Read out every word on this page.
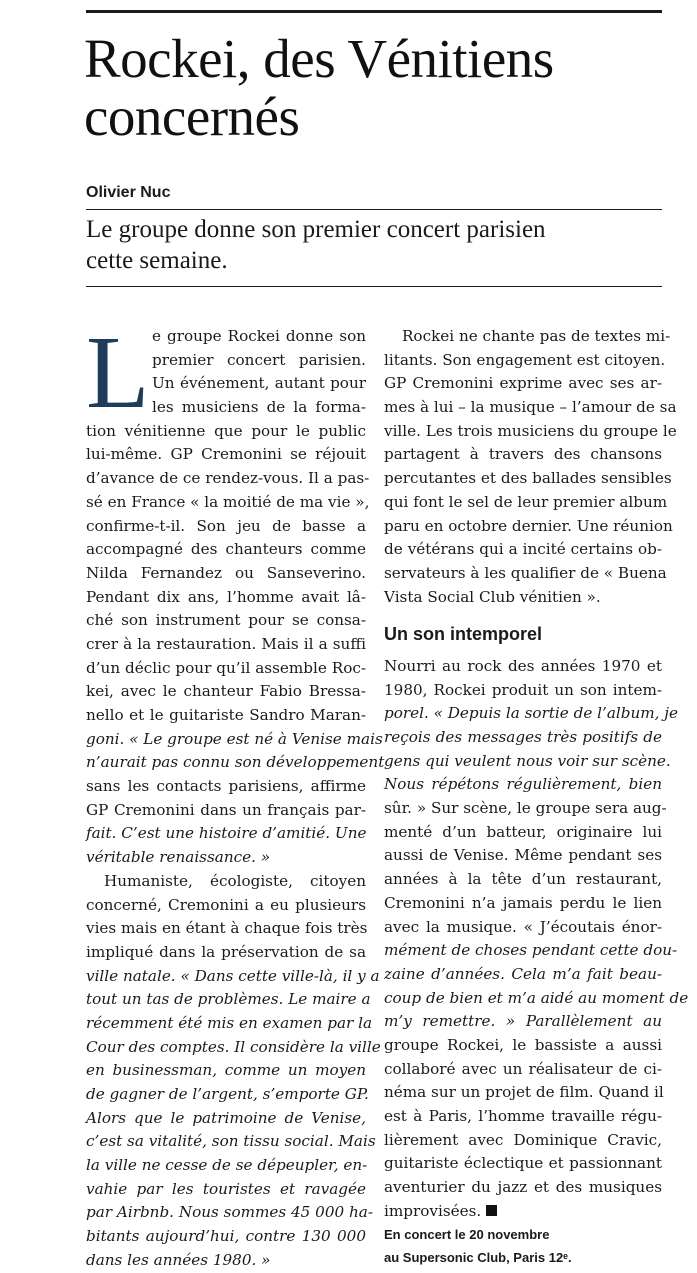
Rockei, des Vénitiens
concernés
Olivier Nuc
Le groupe donne son premier concert parisien
cette semaine.
L e groupe Rockei donne son
premier concert parisien.
Un événement, autant pour
les musiciens de la forma-
tion vénitienne que pour le public
lui-même. GP Cremonini se réjouit
d’avance de ce rendez-vous. Il a pas-
sé en France « la moitié de ma vie »,
confirme-t-il. Son jeu de basse a
accompagné des chanteurs comme
Nilda Fernandez ou Sanseverino.
Pendant dix ans, l’homme avait lâ-
ché son instrument pour se consa-
crer à la restauration. Mais il a suffi
d’un déclic pour qu’il assemble Roc-
kei, avec le chanteur Fabio Bressa-
nello et le guitariste Sandro Maran-
goni. « Le groupe est né à Venise mais
n’aurait pas connu son développement
sans les contacts parisiens, affirme
GP Cremonini dans un français par-
fait. C’est une histoire d’amitié. Une
véritable renaissance. »
Humaniste, écologiste, citoyen
concerné, Cremonini a eu plusieurs
vies mais en étant à chaque fois très
impliqué dans la préservation de sa
ville natale. « Dans cette ville-là, il y a
tout un tas de problèmes. Le maire a
récemment été mis en examen par la
Cour des comptes. Il considère la ville
en businessman, comme un moyen
de gagner de l’argent, s’emporte GP.
Alors que le patrimoine de Venise,
c’est sa vitalité, son tissu social. Mais
la ville ne cesse de se dépeupler, en-
vahie par les touristes et ravagée
par Airbnb. Nous sommes 45 000 ha-
bitants aujourd’hui, contre 130 000
dans les années 1980. »
Rockei ne chante pas de textes mi-
litants. Son engagement est citoyen.
GP Cremonini exprime avec ses ar-
mes à lui – la musique – l’amour de sa
ville. Les trois musiciens du groupe le
partagent à travers des chansons
percutantes et des ballades sensibles
qui font le sel de leur premier album
paru en octobre dernier. Une réunion
de vétérans qui a incité certains ob-
servateurs à les qualifier de « Buena
Vista Social Club vénitien ».
Un son intemporel
Nourri au rock des années 1970 et
1980, Rockei produit un son intem-
porel. « Depuis la sortie de l’album, je
reçois des messages très positifs de
gens qui veulent nous voir sur scène.
Nous répétons régulièrement, bien
sûr. » Sur scène, le groupe sera aug-
menté d’un batteur, originaire lui
aussi de Venise. Même pendant ses
années à la tête d’un restaurant,
Cremonini n’a jamais perdu le lien
avec la musique. « J’écoutais énor-
mément de choses pendant cette dou-
zaine d’années. Cela m’a fait beau-
coup de bien et m’a aidé au moment de
m’y remettre. » Parallèlement au
groupe Rockei, le bassiste a aussi
collaboré avec un réalisateur de ci-
néma sur un projet de film. Quand il
est à Paris, l’homme travaille régu-
lièrement avec Dominique Cravic,
guitariste éclectique et passionnant
aventurier du jazz et des musiques
improvisées.
En concert le 20 novembre
au Supersonic Club, Paris 12ᵉ.
